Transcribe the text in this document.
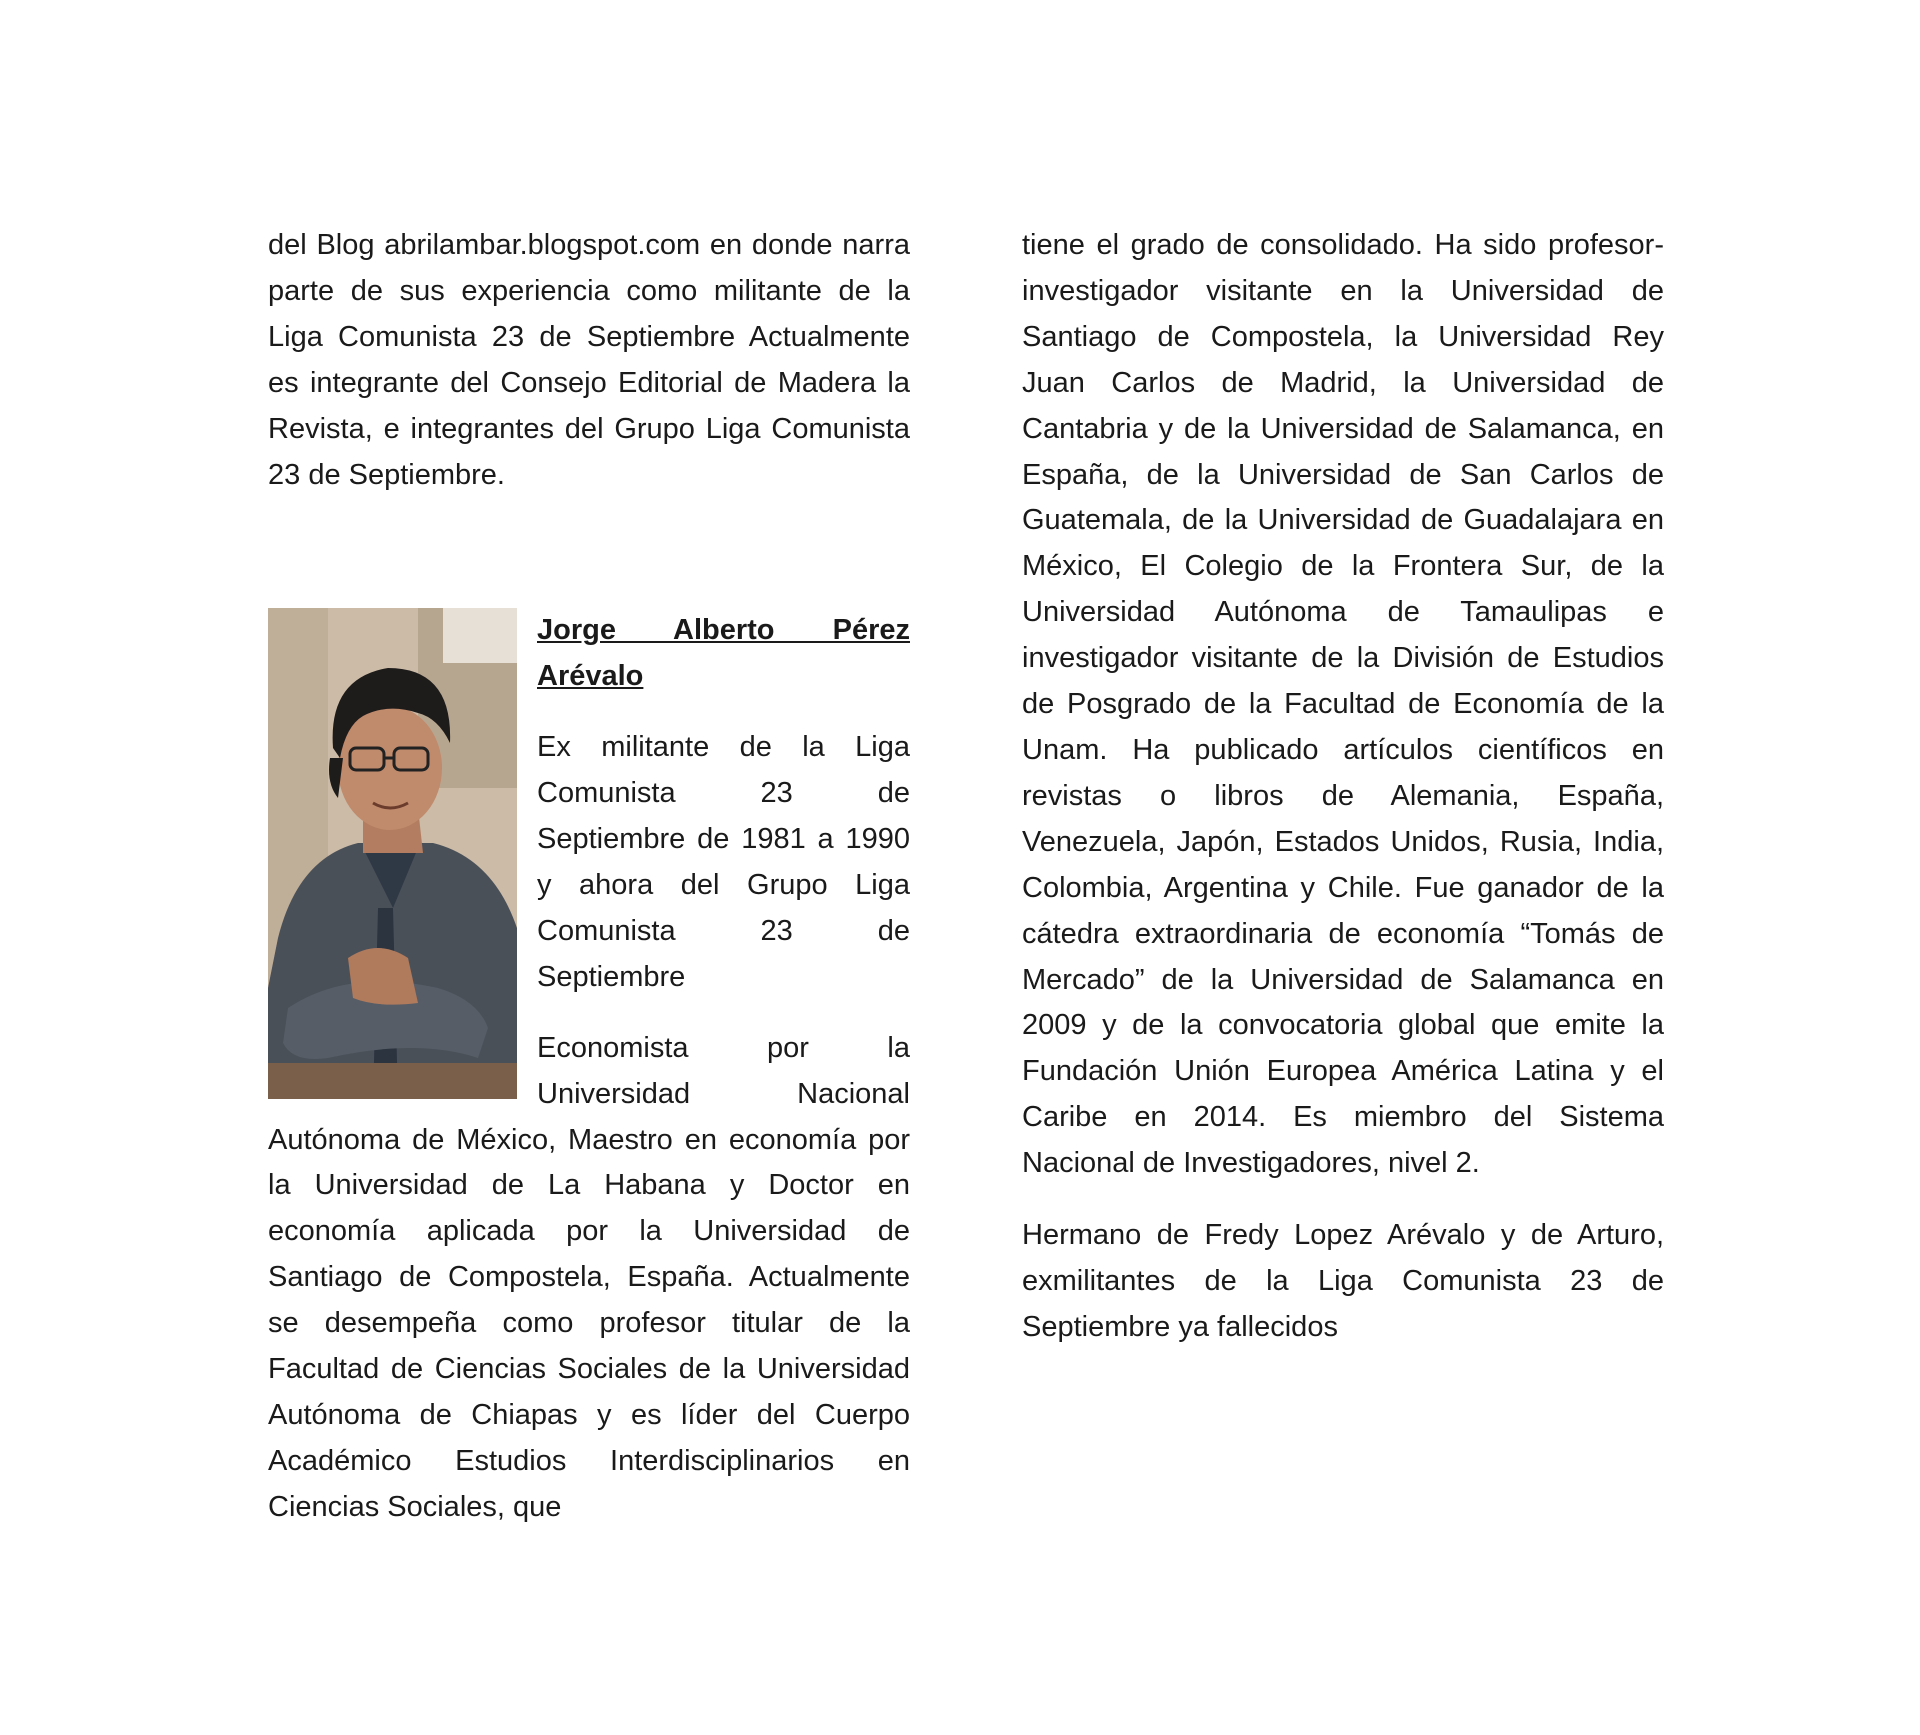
del Blog abrilambar.blogspot.com en donde narra parte de sus experiencia como militante de la Liga Comunista 23 de Septiembre Actualmente es integrante del Consejo Editorial de Madera la Revista, e integrantes del Grupo Liga Comunista 23 de Septiembre.

Jorge Alberto Pérez Arévalo

Ex militante de la Liga Comunista 23 de Septiembre de 1981 a 1990 y ahora del Grupo Liga Comunista 23 de Septiembre

Economista por la Universidad Nacional Autónoma de México, Maestro en economía por la Universidad de La Habana y Doctor en economía aplicada por la Universidad de Santiago de Compostela, España. Actualmente se desempeña como profesor titular de la Facultad de Ciencias Sociales de la Universidad Autónoma de Chiapas y es líder del Cuerpo Académico Estudios Interdisciplinarios en Ciencias Sociales, que

tiene el grado de consolidado. Ha sido profesor-investigador visitante en la Universidad de Santiago de Compostela, la Universidad Rey Juan Carlos de Madrid, la Universidad de Cantabria y de la Universidad de Salamanca, en España, de la Universidad de San Carlos de Guatemala, de la Universidad de Guadalajara en México, El Colegio de la Frontera Sur, de la Universidad Autónoma de Tamaulipas e investigador visitante de la División de Estudios de Posgrado de la Facultad de Economía de la Unam. Ha publicado artículos científicos en revistas o libros de Alemania, España, Venezuela, Japón, Estados Unidos, Rusia, India, Colombia, Argentina y Chile. Fue ganador de la cátedra extraordinaria de economía “Tomás de Mercado” de la Universidad de Salamanca en 2009 y de la convocatoria global que emite la Fundación Unión Europea América Latina y el Caribe en 2014. Es miembro del Sistema Nacional de Investigadores, nivel 2.

Hermano de Fredy Lopez Arévalo y de Arturo, exmilitantes de la Liga Comunista 23 de Septiembre ya fallecidos
